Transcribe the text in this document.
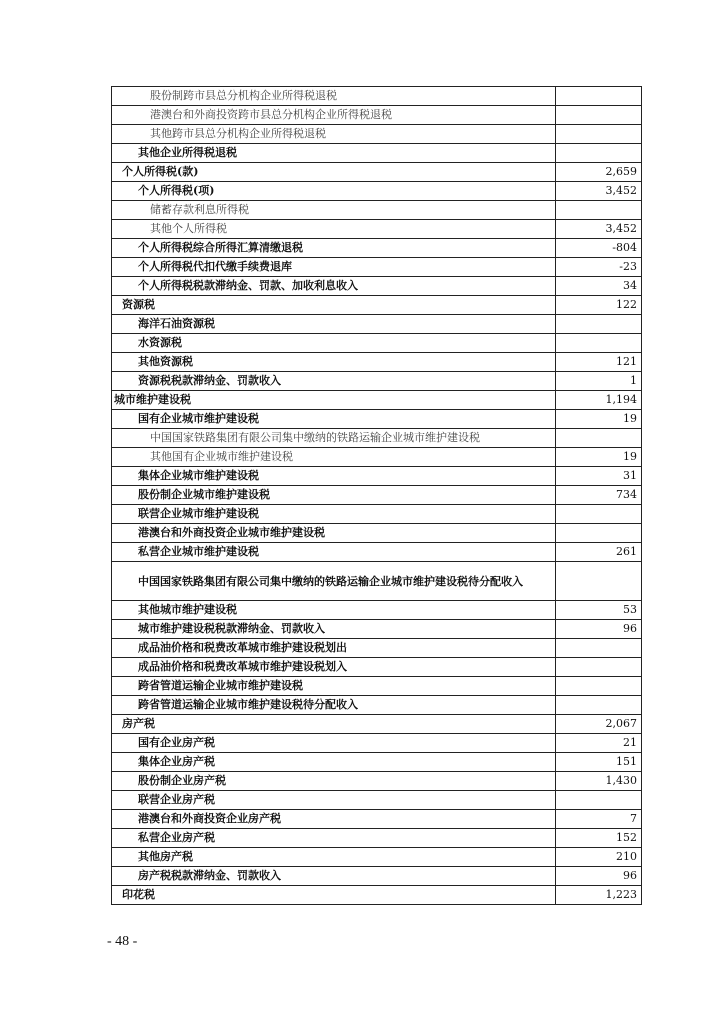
股份制跨市县总分机构企业所得税退税	
港澳台和外商投资跨市县总分机构企业所得税退税	
其他跨市县总分机构企业所得税退税	
其他企业所得税退税	
个人所得税(款)	2,659
个人所得税(项)	3,452
储蓄存款利息所得税	
其他个人所得税	3,452
个人所得税综合所得汇算清缴退税	-804
个人所得税代扣代缴手续费退库	-23
个人所得税税款滞纳金、罚款、加收利息收入	34
资源税	122
海洋石油资源税	
水资源税	
其他资源税	121
资源税税款滞纳金、罚款收入	1
城市维护建设税	1,194
国有企业城市维护建设税	19
中国国家铁路集团有限公司集中缴纳的铁路运输企业城市维护建设税	
其他国有企业城市维护建设税	19
集体企业城市维护建设税	31
股份制企业城市维护建设税	734
联营企业城市维护建设税	
港澳台和外商投资企业城市维护建设税	
私营企业城市维护建设税	261
中国国家铁路集团有限公司集中缴纳的铁路运输企业城市维护建设税待分配收入	
其他城市维护建设税	53
城市维护建设税税款滞纳金、罚款收入	96
成品油价格和税费改革城市维护建设税划出	
成品油价格和税费改革城市维护建设税划入	
跨省管道运输企业城市维护建设税	
跨省管道运输企业城市维护建设税待分配收入	
房产税	2,067
国有企业房产税	21
集体企业房产税	151
股份制企业房产税	1,430
联营企业房产税	
港澳台和外商投资企业房产税	7
私营企业房产税	152
其他房产税	210
房产税税款滞纳金、罚款收入	96
印花税	1,223
- 48 -
